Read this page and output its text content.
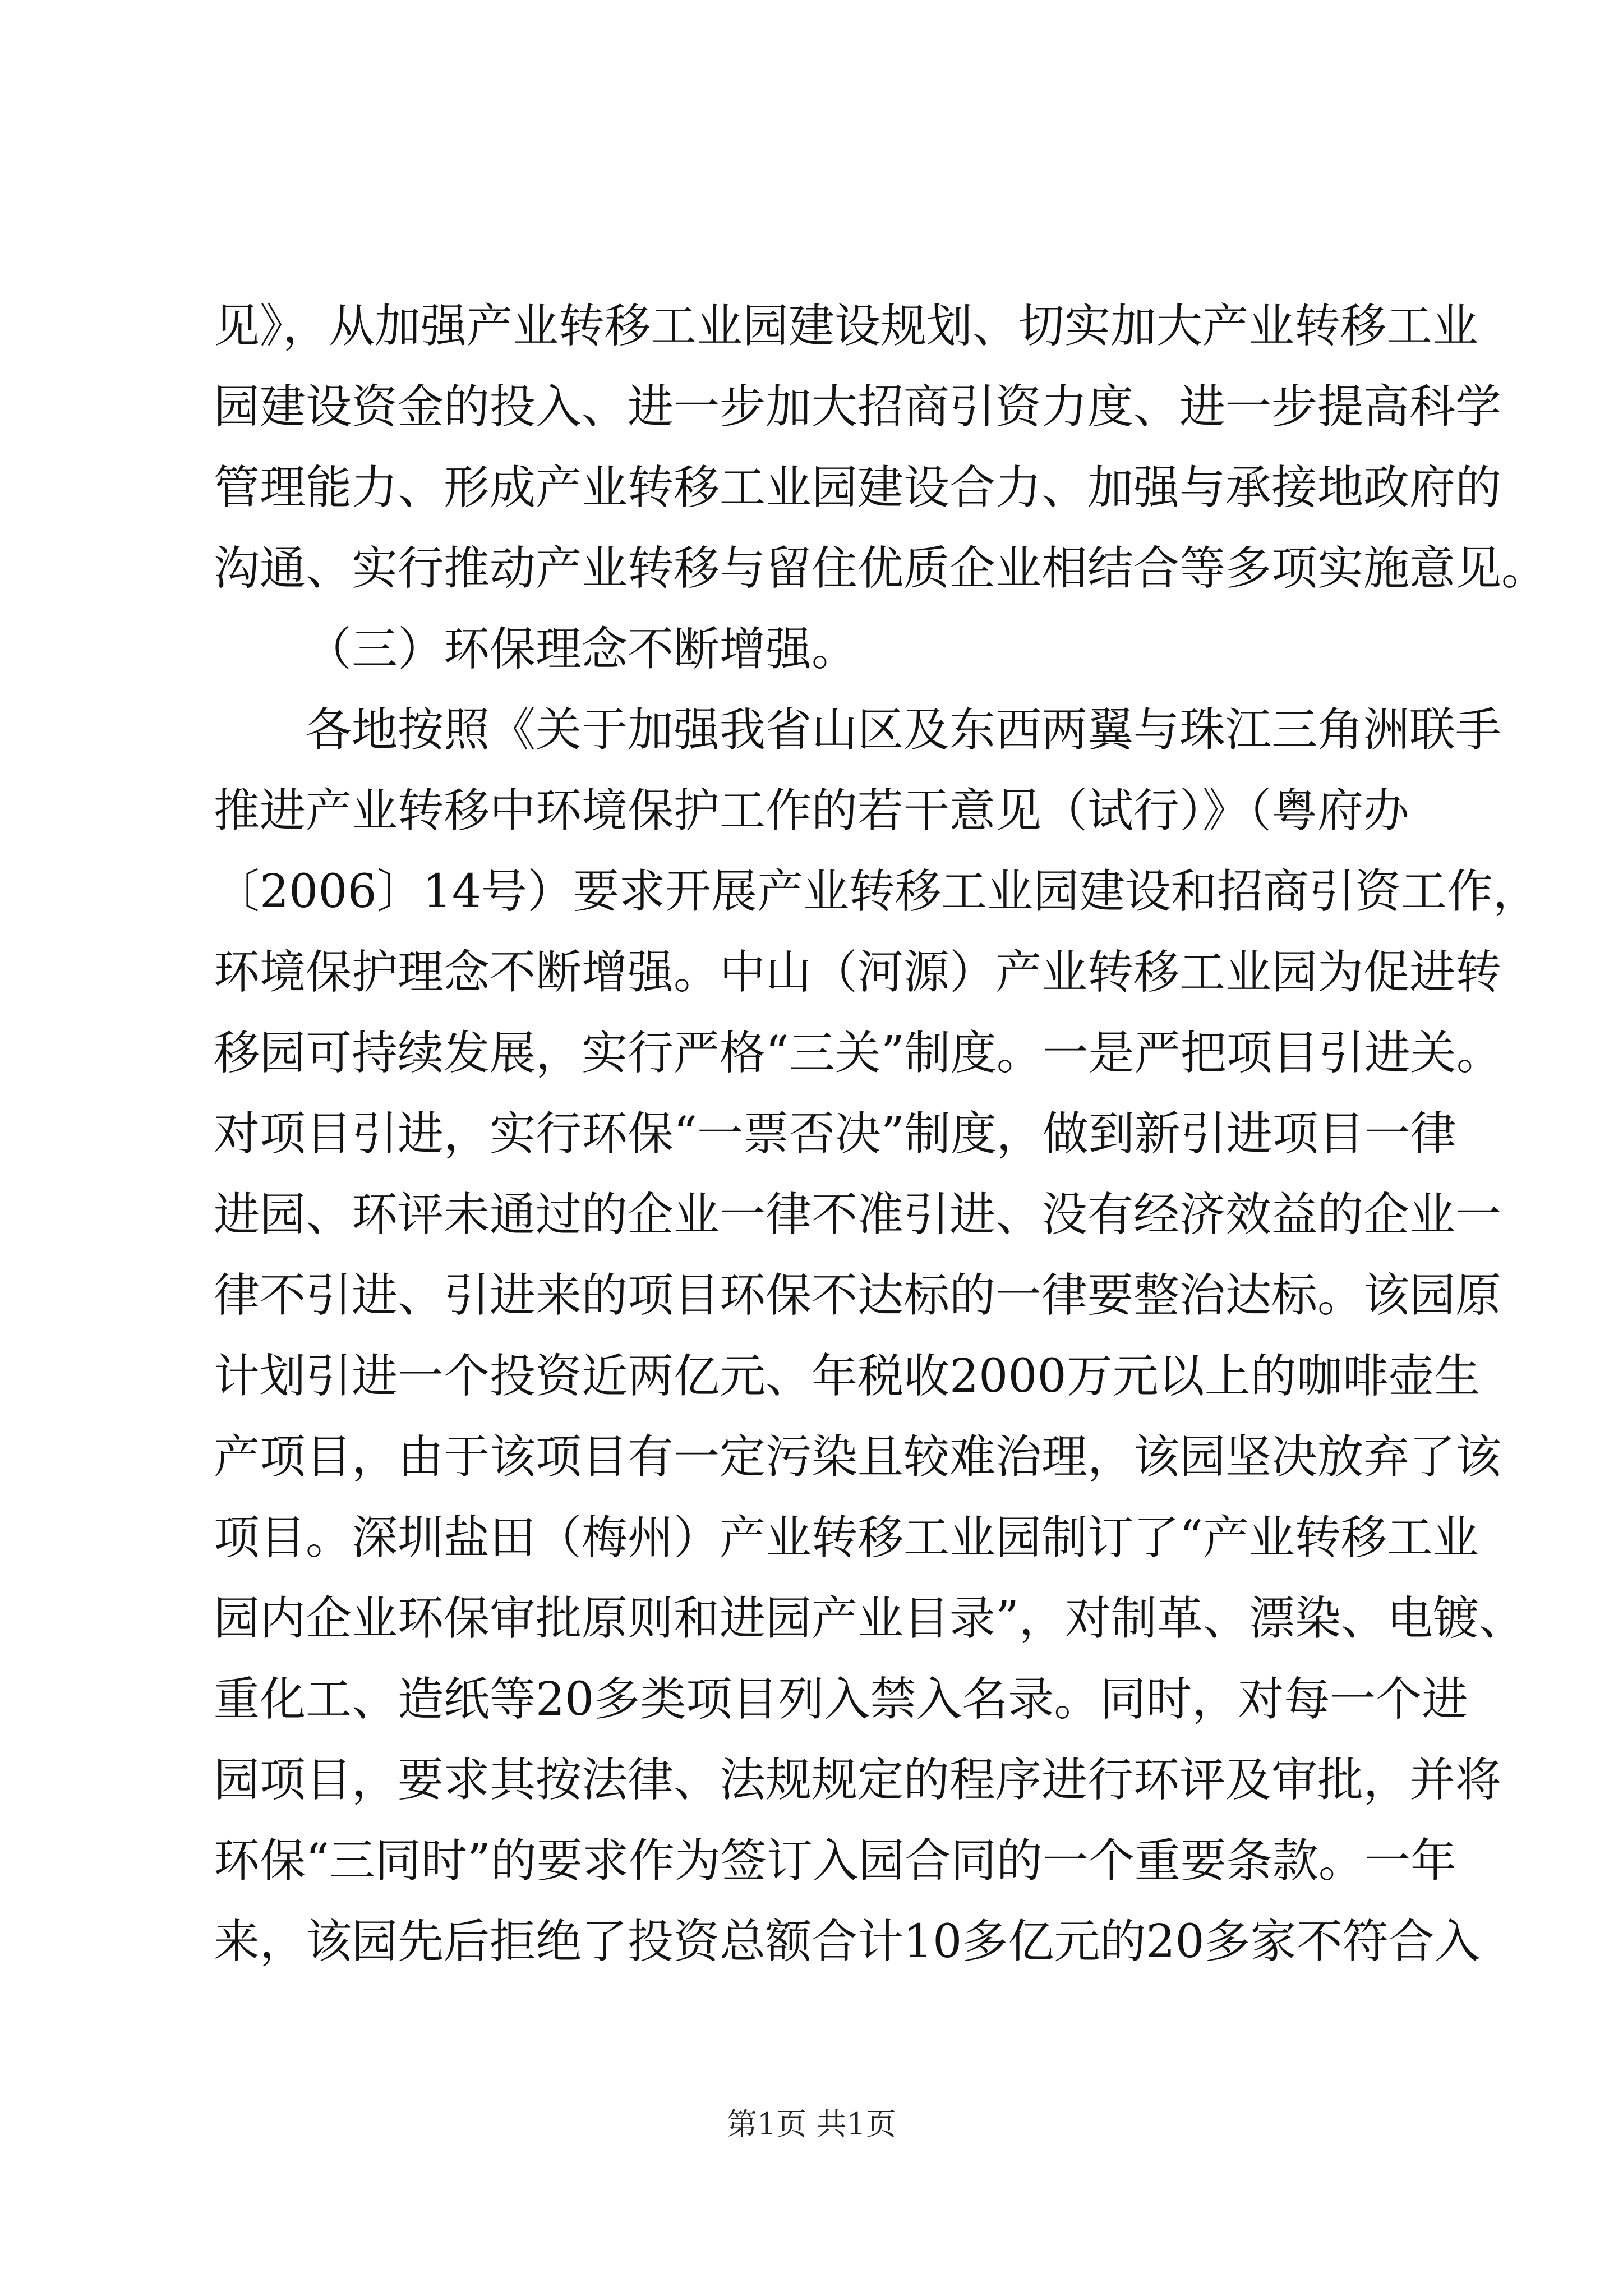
见》，从加强产业转移工业园建设规划、切实加大产业转移工业
园建设资金的投入、进一步加大招商引资力度、进一步提高科学
管理能力、形成产业转移工业园建设合力、加强与承接地政府的
沟通、实行推动产业转移与留住优质企业相结合等多项实施意见。
（三）环保理念不断增强。
各地按照《关于加强我省山区及东西两翼与珠江三角洲联手
推进产业转移中环境保护工作的若干意见（试行）》（粤府办
〔2006〕14号）要求开展产业转移工业园建设和招商引资工作，
环境保护理念不断增强。中山（河源）产业转移工业园为促进转
移园可持续发展，实行严格“三关”制度。一是严把项目引进关。
对项目引进，实行环保“一票否决”制度，做到新引进项目一律
进园、环评未通过的企业一律不准引进、没有经济效益的企业一
律不引进、引进来的项目环保不达标的一律要整治达标。该园原
计划引进一个投资近两亿元、年税收2000万元以上的咖啡壶生
产项目，由于该项目有一定污染且较难治理，该园坚决放弃了该
项目。深圳盐田（梅州）产业转移工业园制订了“产业转移工业
园内企业环保审批原则和进园产业目录”，对制革、漂染、电镀、
重化工、造纸等20多类项目列入禁入名录。同时，对每一个进
园项目，要求其按法律、法规规定的程序进行环评及审批，并将
环保“三同时”的要求作为签订入园合同的一个重要条款。一年
来，该园先后拒绝了投资总额合计10多亿元的20多家不符合入
第1页 共1页
